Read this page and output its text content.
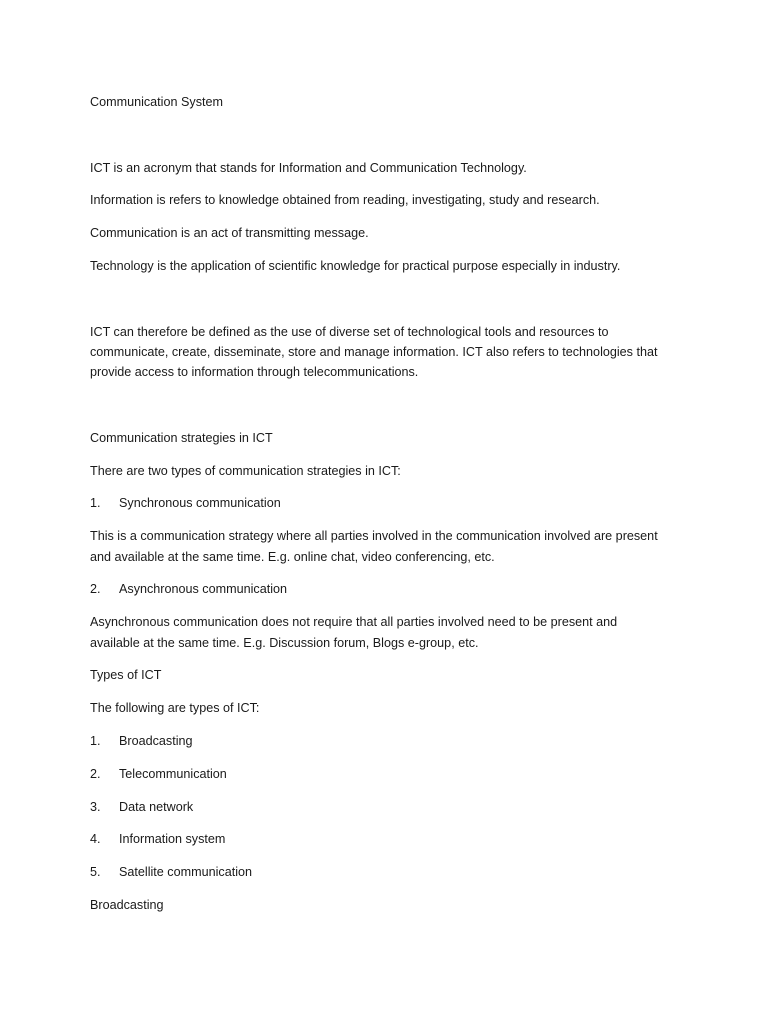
Communication System
ICT is an acronym that stands for Information and Communication Technology.
Information is refers to knowledge obtained from reading, investigating, study and research.
Communication is an act of transmitting message.
Technology is the application of scientific knowledge for practical purpose especially in industry.
ICT can therefore be defined as the use of diverse set of technological tools and resources to
communicate, create, disseminate, store and manage information. ICT also refers to technologies that
provide access to information through telecommunications.
Communication strategies in ICT
There are two types of communication strategies in ICT:
1. Synchronous communication
This is a communication strategy where all parties involved in the communication involved are present
and available at the same time. E.g. online chat, video conferencing, etc.
2. Asynchronous communication
Asynchronous communication does not require that all parties involved need to be present and
available at the same time. E.g. Discussion forum, Blogs e-group, etc.
Types of ICT
The following are types of ICT:
1. Broadcasting
2. Telecommunication
3. Data network
4. Information system
5. Satellite communication
Broadcasting
